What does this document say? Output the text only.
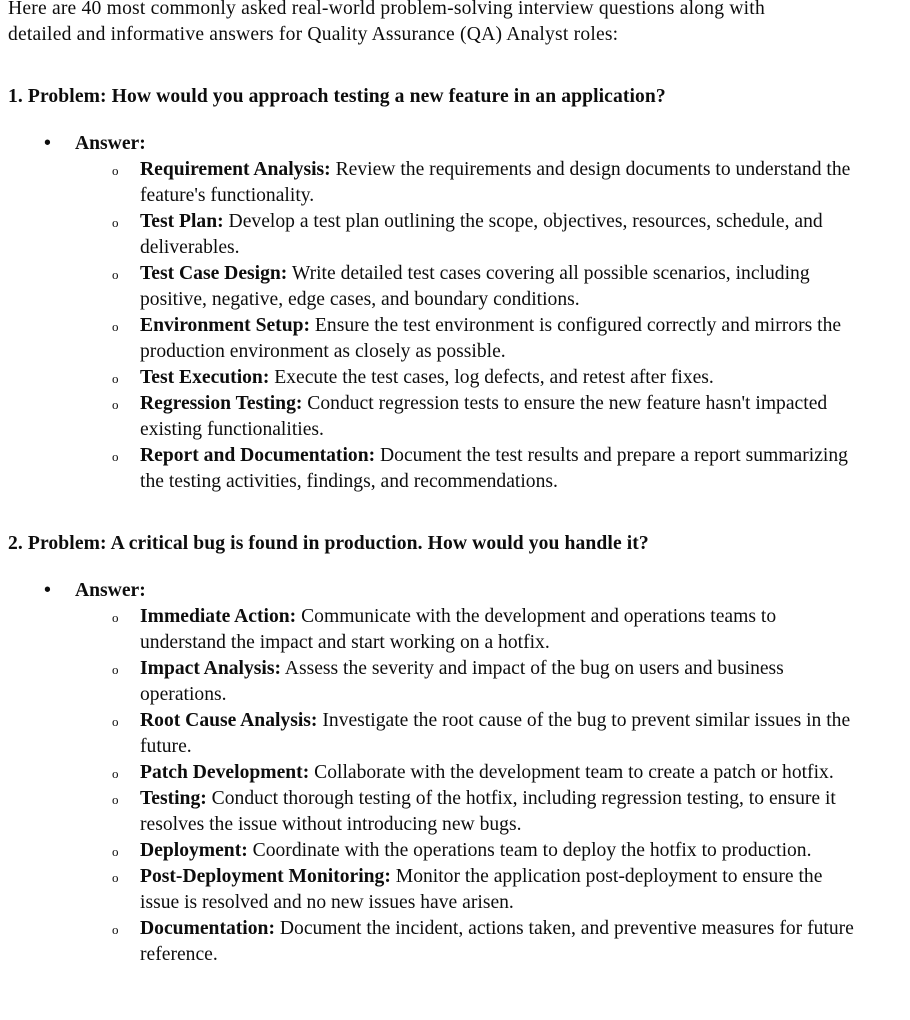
Here are 40 most commonly asked real-world problem-solving interview questions along with detailed and informative answers for Quality Assurance (QA) Analyst roles:

1. Problem: How would you approach testing a new feature in an application?

•	Answer:
o	Requirement Analysis: Review the requirements and design documents to understand the feature's functionality.
o	Test Plan: Develop a test plan outlining the scope, objectives, resources, schedule, and deliverables.
o	Test Case Design: Write detailed test cases covering all possible scenarios, including positive, negative, edge cases, and boundary conditions.
o	Environment Setup: Ensure the test environment is configured correctly and mirrors the production environment as closely as possible.
o	Test Execution: Execute the test cases, log defects, and retest after fixes.
o	Regression Testing: Conduct regression tests to ensure the new feature hasn't impacted existing functionalities.
o	Report and Documentation: Document the test results and prepare a report summarizing the testing activities, findings, and recommendations.

2. Problem: A critical bug is found in production. How would you handle it?

•	Answer:
o	Immediate Action: Communicate with the development and operations teams to understand the impact and start working on a hotfix.
o	Impact Analysis: Assess the severity and impact of the bug on users and business operations.
o	Root Cause Analysis: Investigate the root cause of the bug to prevent similar issues in the future.
o	Patch Development: Collaborate with the development team to create a patch or hotfix.
o	Testing: Conduct thorough testing of the hotfix, including regression testing, to ensure it resolves the issue without introducing new bugs.
o	Deployment: Coordinate with the operations team to deploy the hotfix to production.
o	Post-Deployment Monitoring: Monitor the application post-deployment to ensure the issue is resolved and no new issues have arisen.
o	Documentation: Document the incident, actions taken, and preventive measures for future reference.
